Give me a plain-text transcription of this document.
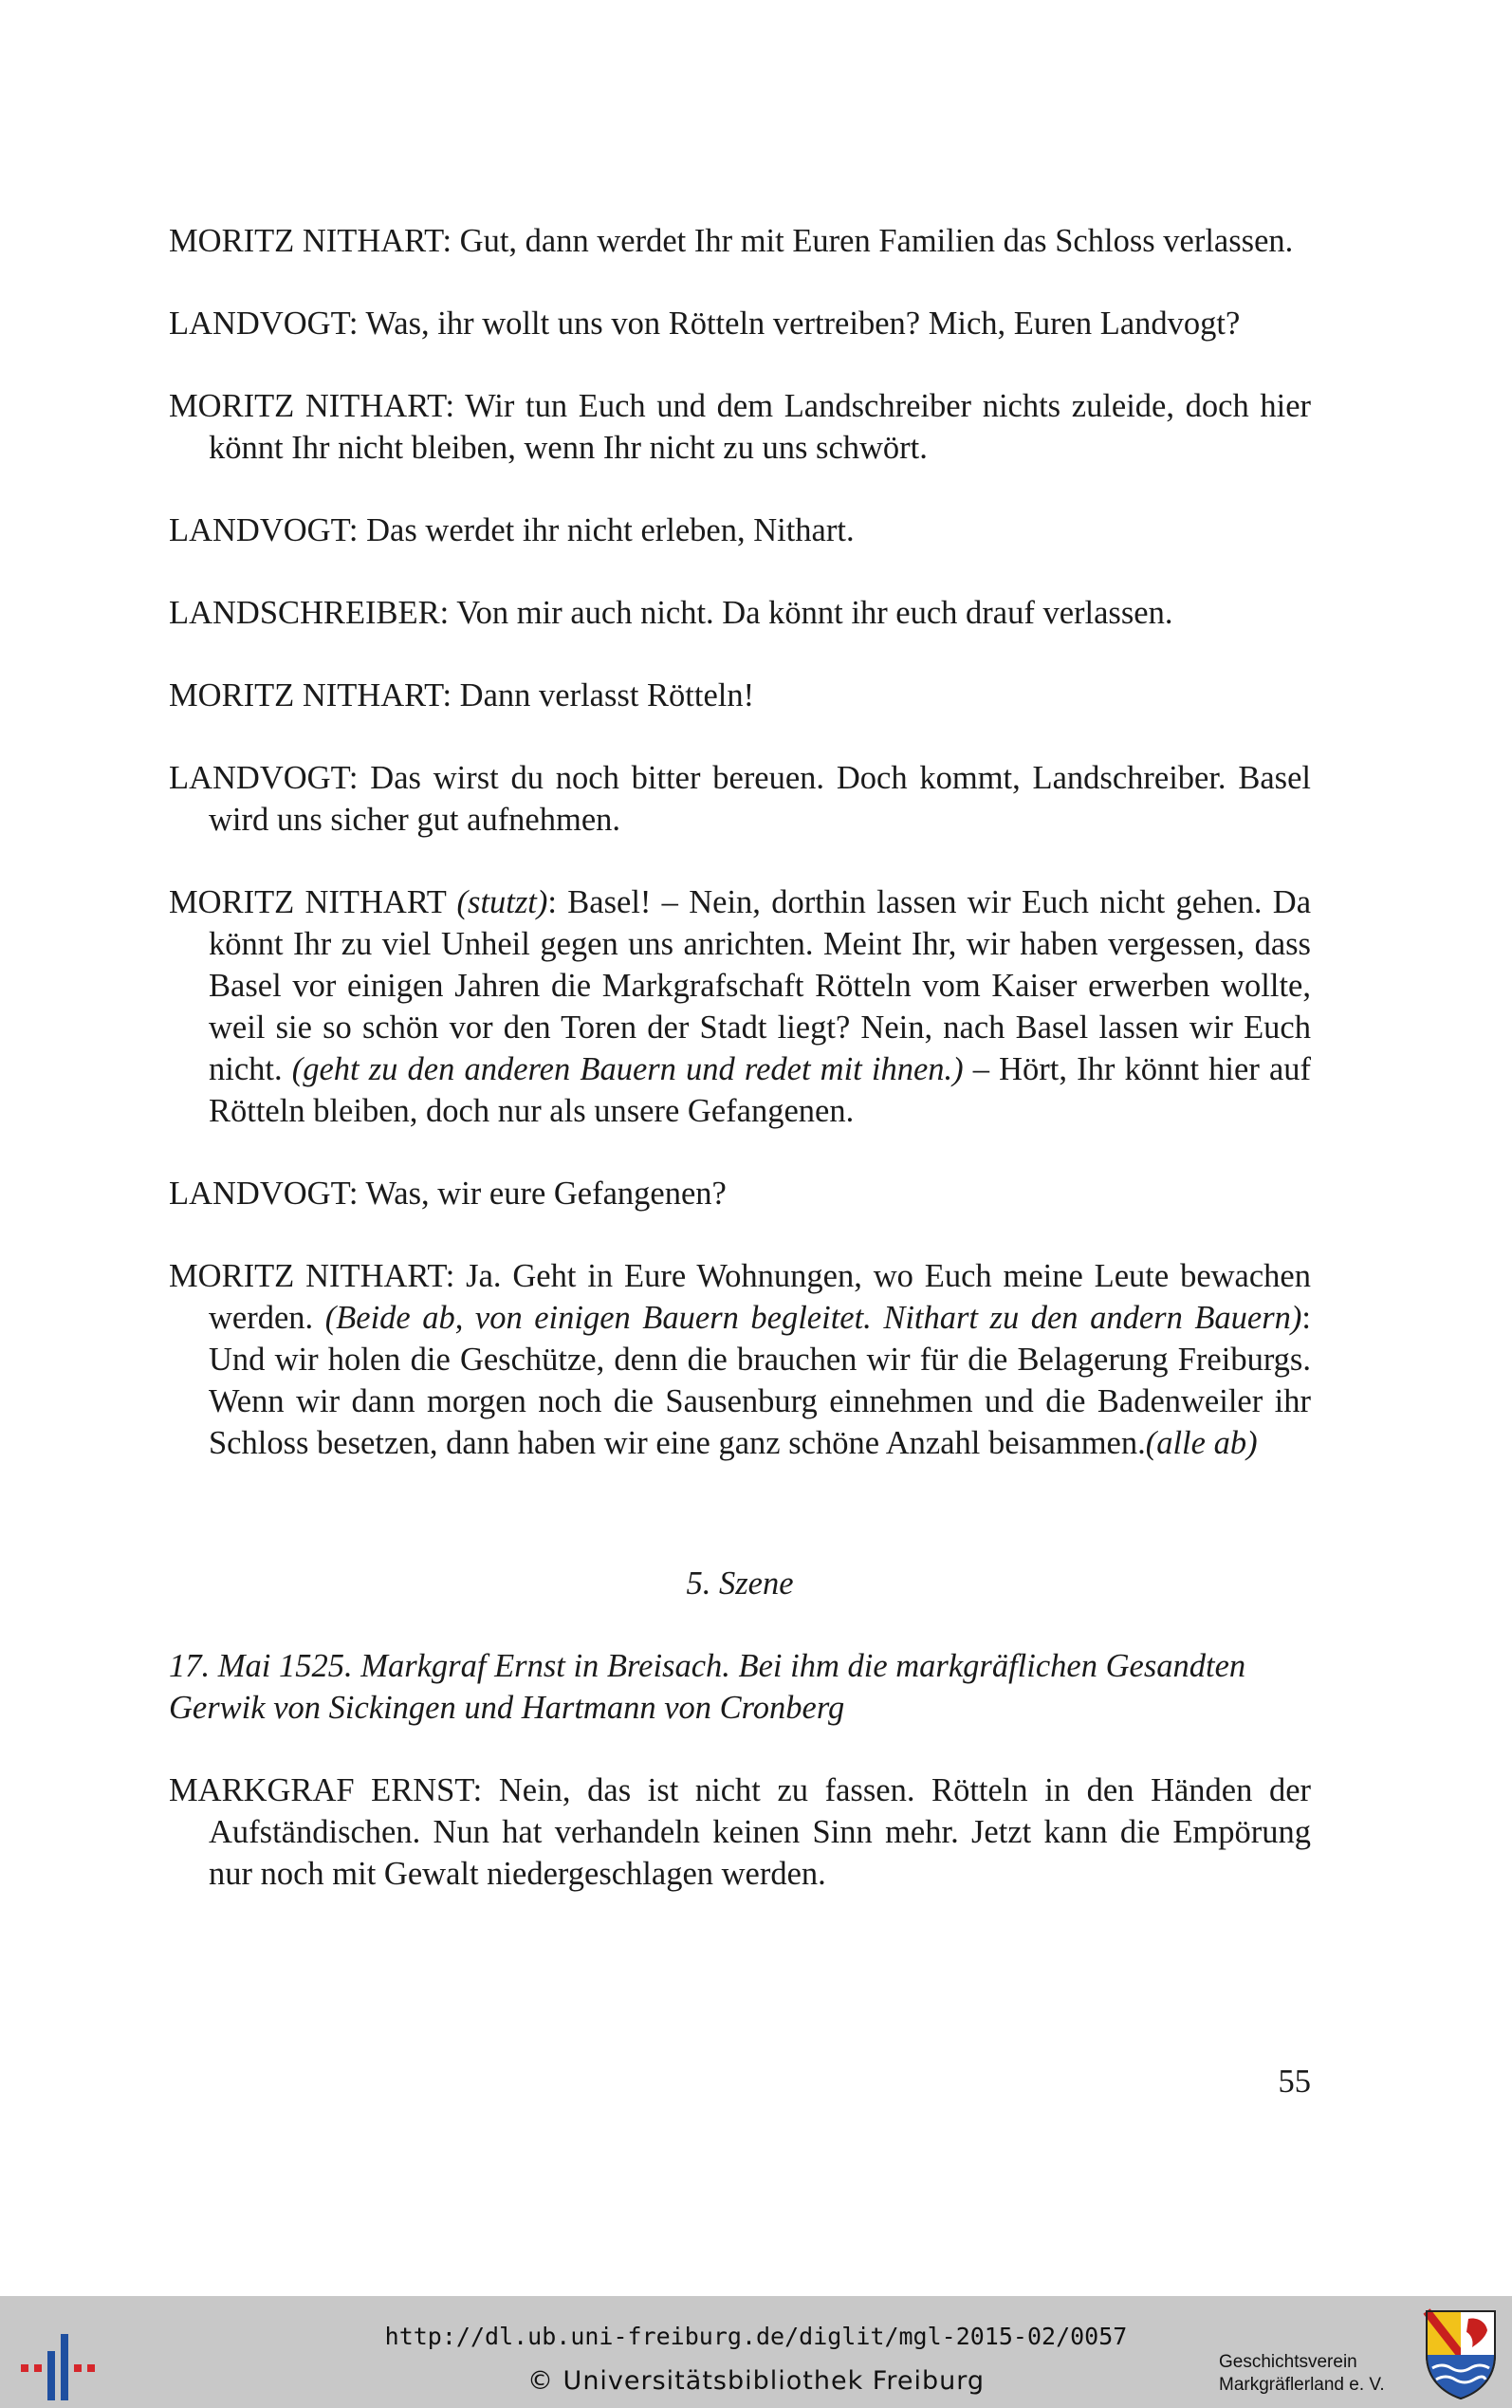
MORITZ NITHART: Gut, dann werdet Ihr mit Euren Familien das Schloss verlassen.

LANDVOGT: Was, ihr wollt uns von Rötteln vertreiben? Mich, Euren Landvogt?

MORITZ NITHART: Wir tun Euch und dem Landschreiber nichts zuleide, doch hier könnt Ihr nicht bleiben, wenn Ihr nicht zu uns schwört.

LANDVOGT: Das werdet ihr nicht erleben, Nithart.

LANDSCHREIBER: Von mir auch nicht. Da könnt ihr euch drauf verlassen.

MORITZ NITHART: Dann verlasst Rötteln!

LANDVOGT: Das wirst du noch bitter bereuen. Doch kommt, Landschreiber. Basel wird uns sicher gut aufnehmen.

MORITZ NITHART (stutzt): Basel! – Nein, dorthin lassen wir Euch nicht gehen. Da könnt Ihr zu viel Unheil gegen uns anrichten. Meint Ihr, wir haben vergessen, dass Basel vor einigen Jahren die Markgrafschaft Rötteln vom Kaiser erwerben wollte, weil sie so schön vor den Toren der Stadt liegt? Nein, nach Basel lassen wir Euch nicht. (geht zu den anderen Bauern und redet mit ihnen.) – Hört, Ihr könnt hier auf Rötteln bleiben, doch nur als unsere Gefangenen.

LANDVOGT: Was, wir eure Gefangenen?

MORITZ NITHART: Ja. Geht in Eure Wohnungen, wo Euch meine Leute bewachen werden. (Beide ab, von einigen Bauern begleitet. Nithart zu den andern Bauern): Und wir holen die Geschütze, denn die brauchen wir für die Belagerung Freiburgs. Wenn wir dann morgen noch die Sausenburg einnehmen und die Badenweiler ihr Schloss besetzen, dann haben wir eine ganz schöne Anzahl beisammen.(alle ab)

5. Szene

17. Mai 1525. Markgraf Ernst in Breisach. Bei ihm die markgräflichen Gesandten Gerwik von Sickingen und Hartmann von Cronberg

MARKGRAF ERNST: Nein, das ist nicht zu fassen. Rötteln in den Händen der Aufständischen. Nun hat verhandeln keinen Sinn mehr. Jetzt kann die Empörung nur noch mit Gewalt niedergeschlagen werden.

55
http://dl.ub.uni-freiburg.de/diglit/mgl-2015-02/0057
© Universitätsbibliothek Freiburg
Geschichtsverein
Markgräflerland e. V.
